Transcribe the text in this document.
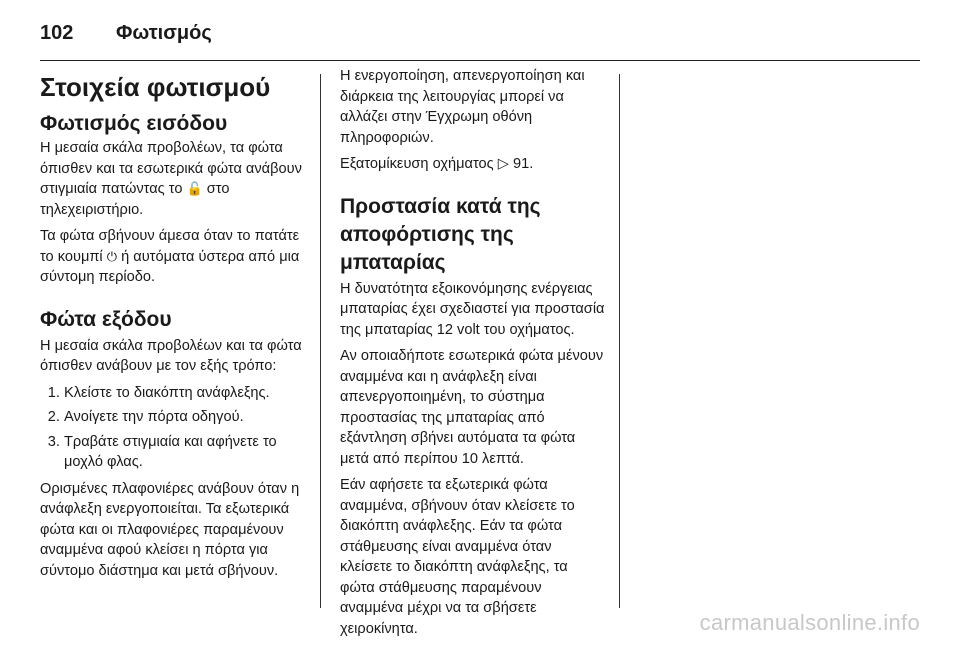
102	Φωτισμός
Στοιχεία φωτισμού
Φωτισμός εισόδου

Η μεσαία σκάλα προβολέων, τα φώτα όπισθεν και τα εσωτερικά φώτα ανάβουν στιγμιαία πατώντας το 🔓 στο τηλεχειριστήριο.

Τα φώτα σβήνουν άμεσα όταν το πατάτε το κουμπί ⏻ ή αυτόματα ύστερα από μια σύντομη περίοδο.

Φώτα εξόδου

Η μεσαία σκάλα προβολέων και τα φώτα όπισθεν ανάβουν με τον εξής τρόπο:

1. Κλείστε το διακόπτη ανάφλεξης.
2. Ανοίγετε την πόρτα οδηγού.
3. Τραβάτε στιγμιαία και αφήνετε το μοχλό φλας.

Ορισμένες πλαφονιέρες ανάβουν όταν η ανάφλεξη ενεργοποιείται. Τα εξωτερικά φώτα και οι πλαφονιέρες παραμένουν αναμμένα αφού κλείσει η πόρτα για σύντομο διάστημα και μετά σβήνουν.

Η ενεργοποίηση, απενεργοποίηση και διάρκεια της λειτουργίας μπορεί να αλλάζει στην Έγχρωμη οθόνη πληροφοριών.

Εξατομίκευση οχήματος ▷ 91.

Προστασία κατά της αποφόρτισης της μπαταρίας

Η δυνατότητα εξοικονόμησης ενέργειας μπαταρίας έχει σχεδιαστεί για προστασία της μπαταρίας 12 volt του οχήματος.

Αν οποιαδήποτε εσωτερικά φώτα μένουν αναμμένα και η ανάφλεξη είναι απενεργοποιημένη, το σύστημα προστασίας της μπαταρίας από εξάντληση σβήνει αυτόματα τα φώτα μετά από περίπου 10 λεπτά.

Εάν αφήσετε τα εξωτερικά φώτα αναμμένα, σβήνουν όταν κλείσετε το διακόπτη ανάφλεξης. Εάν τα φώτα στάθμευσης είναι αναμμένα όταν κλείσετε το διακόπτη ανάφλεξης, τα φώτα στάθμευσης παραμένουν αναμμένα μέχρι να τα σβήσετε χειροκίνητα.	carmanualsonline.info
